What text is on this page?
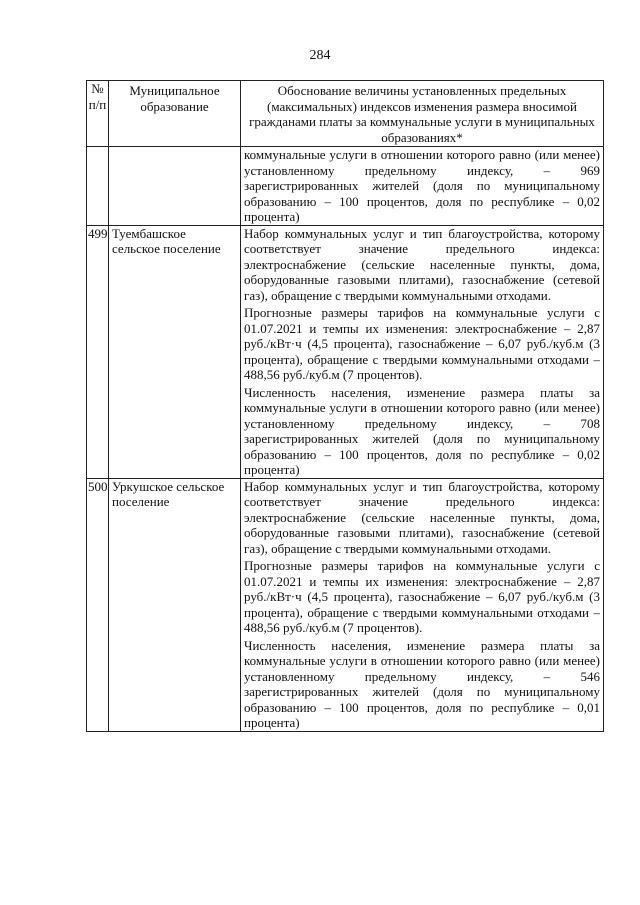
284
№ п/п	Муниципальное образование	Обоснование величины установленных предельных (максимальных) индексов изменения размера вносимой гражданами платы за коммунальные услуги в муниципальных образованиях*

		коммунальные услуги в отношении которого равно (или менее) установленному предельному индексу, – 969 зарегистрированных жителей (доля по муниципальному образованию – 100 процентов, доля по республике – 0,02 процента)

499	Туембашское сельское поселение	Набор коммунальных услуг и тип благоустройства, которому соответствует значение предельного индекса: электроснабжение (сельские населенные пункты, дома, оборудованные газовыми плитами), газоснабжение (сетевой газ), обращение с твердыми коммунальными отходами.

Прогнозные размеры тарифов на коммунальные услуги с 01.07.2021 и темпы их изменения: электроснабжение – 2,87 руб./кВт·ч (4,5 процента), газоснабжение – 6,07 руб./куб.м (3 процента), обращение с твердыми коммунальными отходами – 488,56 руб./куб.м (7 процентов).

Численность населения, изменение размера платы за коммунальные услуги в отношении которого равно (или менее) установленному предельному индексу, – 708 зарегистрированных жителей (доля по муниципальному образованию – 100 процентов, доля по республике – 0,02 процента)

500	Уркушское сельское поселение	Набор коммунальных услуг и тип благоустройства, которому соответствует значение предельного индекса: электроснабжение (сельские населенные пункты, дома, оборудованные газовыми плитами), газоснабжение (сетевой газ), обращение с твердыми коммунальными отходами.

Прогнозные размеры тарифов на коммунальные услуги с 01.07.2021 и темпы их изменения: электроснабжение – 2,87 руб./кВт·ч (4,5 процента), газоснабжение – 6,07 руб./куб.м (3 процента), обращение с твердыми коммунальными отходами – 488,56 руб./куб.м (7 процентов).

Численность населения, изменение размера платы за коммунальные услуги в отношении которого равно (или менее) установленному предельному индексу, – 546 зарегистрированных жителей (доля по муниципальному образованию – 100 процентов, доля по республике – 0,01 процента)
